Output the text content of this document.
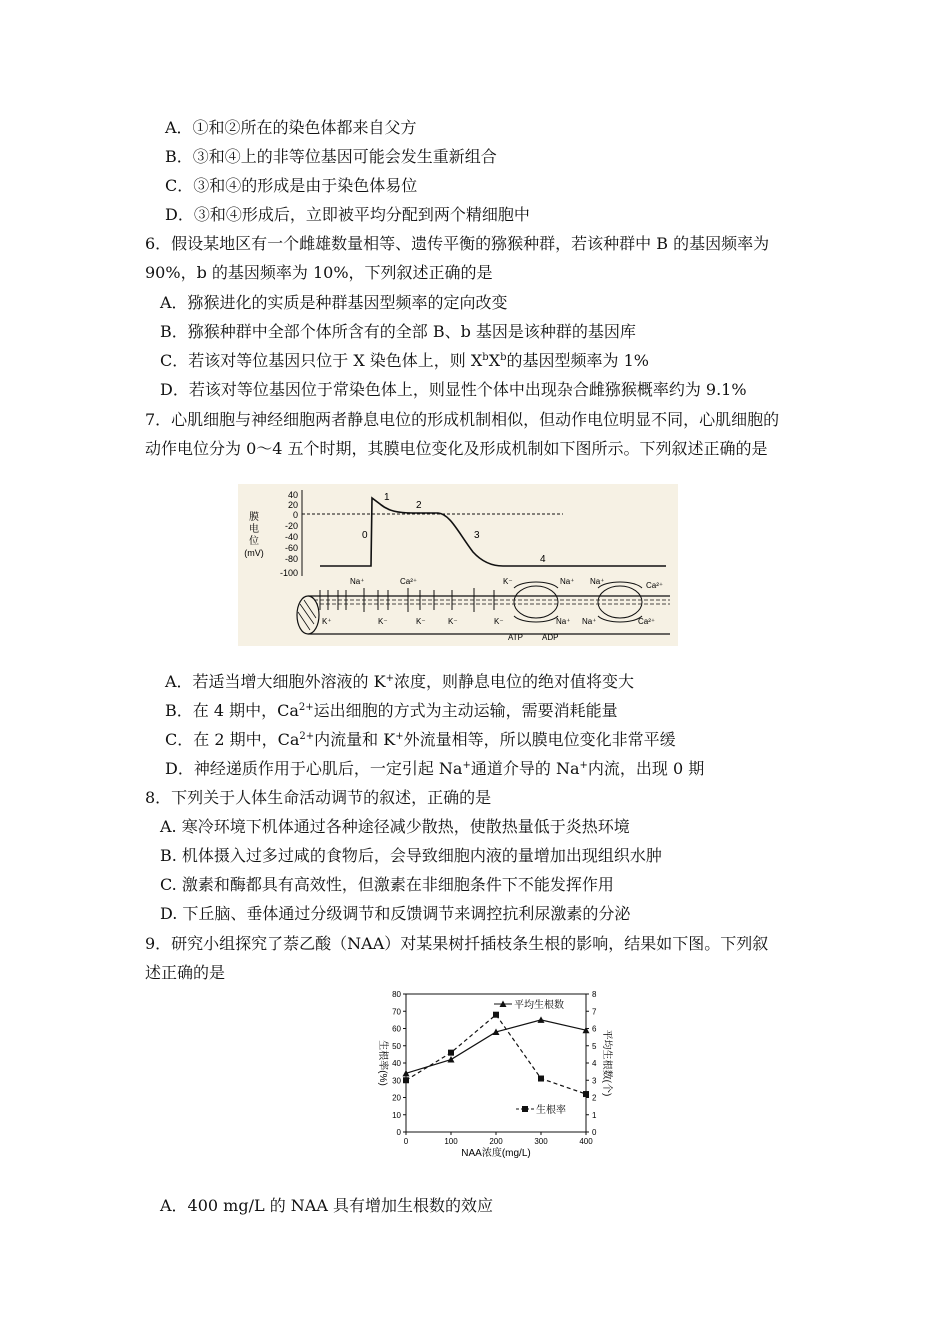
A．①和②所在的染色体都来自父方
B．③和④上的非等位基因可能会发生重新组合
C．③和④的形成是由于染色体易位
D．③和④形成后，立即被平均分配到两个精细胞中
6．假设某地区有一个雌雄数量相等、遗传平衡的猕猴种群，若该种群中 B 的基因频率为
90%，b 的基因频率为 10%，下列叙述正确的是
A．猕猴进化的实质是种群基因型频率的定向改变
B．猕猴种群中全部个体所含有的全部 B、b 基因是该种群的基因库
C．若该对等位基因只位于 X 染色体上，则 $X^bX^b$的基因型频率为 1%
D．若该对等位基因位于常染色体上，则显性个体中出现杂合雌猕猴概率约为 9.1%
7．心肌细胞与神经细胞两者静息电位的形成机制相似，但动作电位明显不同，心肌细胞的
动作电位分为 0～4 五个时期，其膜电位变化及形成机制如下图所示。下列叙述正确的是
膜
电
位
(mV)
40
20
0
-20
-40
-60
-80
-100
0
1
2
3
4
Na⁺	Ca²⁺	K⁻	Na⁺ Na⁺	Ca²⁺
K⁺	K⁻	K⁻	K⁻	K⁻	Na⁺ Na⁺	Ca²⁺
ATP ADP
A．若适当增大细胞外溶液的 K+浓度，则静息电位的绝对值将变大
B．在 4 期中，$Ca^{2+}$运出细胞的方式为主动运输，需要消耗能量
C．在 2 期中，$Ca^{2+}$内流量和 K+外流量相等，所以膜电位变化非常平缓
D．神经递质作用于心肌后，一定引起 Na+通道介导的 Na+内流，出现 0 期
8．下列关于人体生命活动调节的叙述，正确的是
A. 寒冷环境下机体通过各种途径减少散热，使散热量低于炎热环境
B. 机体摄入过多过咸的食物后，会导致细胞内液的量增加出现组织水肿
C. 激素和酶都具有高效性，但激素在非细胞条件下不能发挥作用
D. 下丘脑、垂体通过分级调节和反馈调节来调控抗利尿激素的分泌
9．研究小组探究了萘乙酸（NAA）对某果树扦插枝条生根的影响，结果如下图。下列叙
述正确的是
0
10
20
30
40
50
60
70
80
0
1
2
3
4
5
6
7
8
0	100	200	300	400
NAA浓度(mg/L)
生根率(%)	平均生根数(个)
平均生根数
生根率
A．400 mg/L 的 NAA 具有增加生根数的效应
